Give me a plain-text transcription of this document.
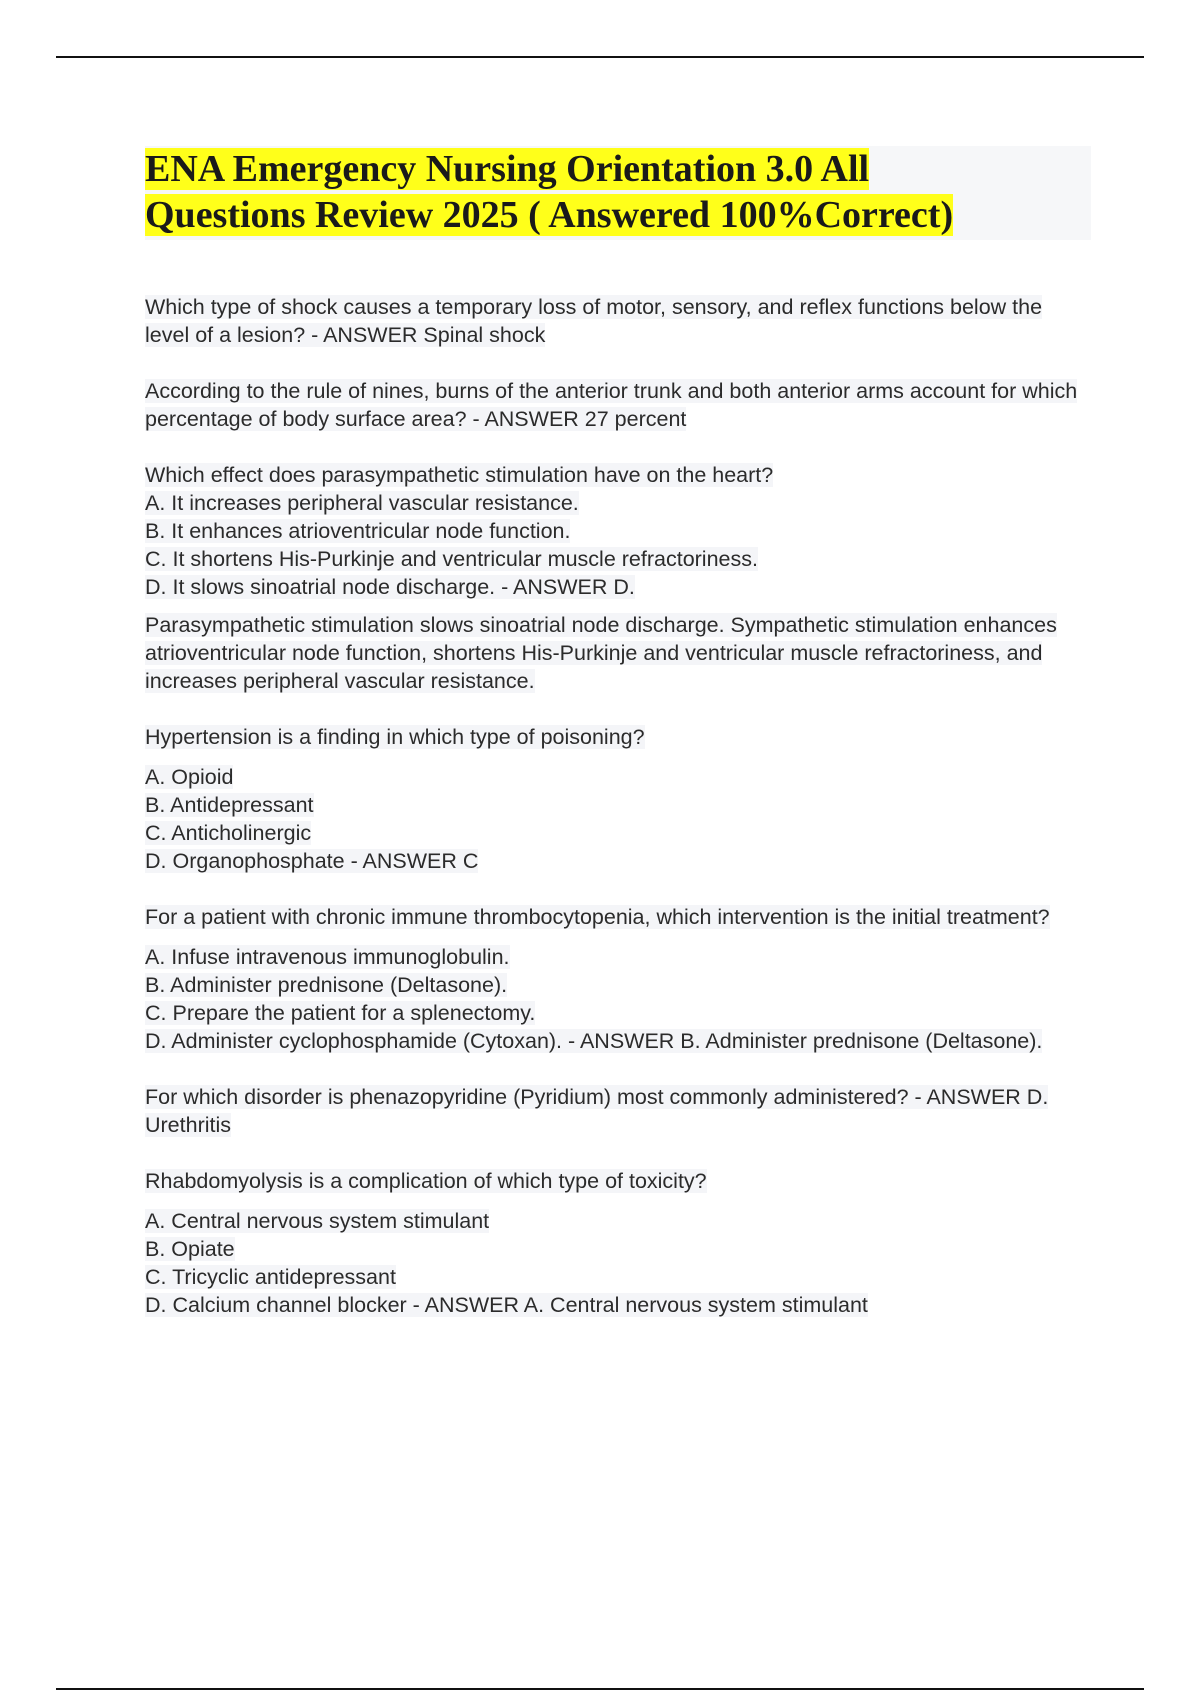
ENA Emergency Nursing Orientation 3.0 All
Questions Review 2025 ( Answered 100%Correct)

Which type of shock causes a temporary loss of motor, sensory, and reflex functions below the level of a lesion? - ANSWER Spinal shock

According to the rule of nines, burns of the anterior trunk and both anterior arms account for which percentage of body surface area? - ANSWER 27 percent

Which effect does parasympathetic stimulation have on the heart?

A. It increases peripheral vascular resistance.
B. It enhances atrioventricular node function.
C. It shortens His-Purkinje and ventricular muscle refractoriness.
D. It slows sinoatrial node discharge. - ANSWER D.

Parasympathetic stimulation slows sinoatrial node discharge. Sympathetic stimulation enhances atrioventricular node function, shortens His-Purkinje and ventricular muscle refractoriness, and increases peripheral vascular resistance.

Hypertension is a finding in which type of poisoning?

A. Opioid
B. Antidepressant
C. Anticholinergic
D. Organophosphate - ANSWER C

For a patient with chronic immune thrombocytopenia, which intervention is the initial treatment?

A. Infuse intravenous immunoglobulin.
B. Administer prednisone (Deltasone).
C. Prepare the patient for a splenectomy.
D. Administer cyclophosphamide (Cytoxan). - ANSWER B. Administer prednisone (Deltasone).

For which disorder is phenazopyridine (Pyridium) most commonly administered? - ANSWER D. Urethritis

Rhabdomyolysis is a complication of which type of toxicity?

A. Central nervous system stimulant
B. Opiate
C. Tricyclic antidepressant
D. Calcium channel blocker - ANSWER A. Central nervous system stimulant
